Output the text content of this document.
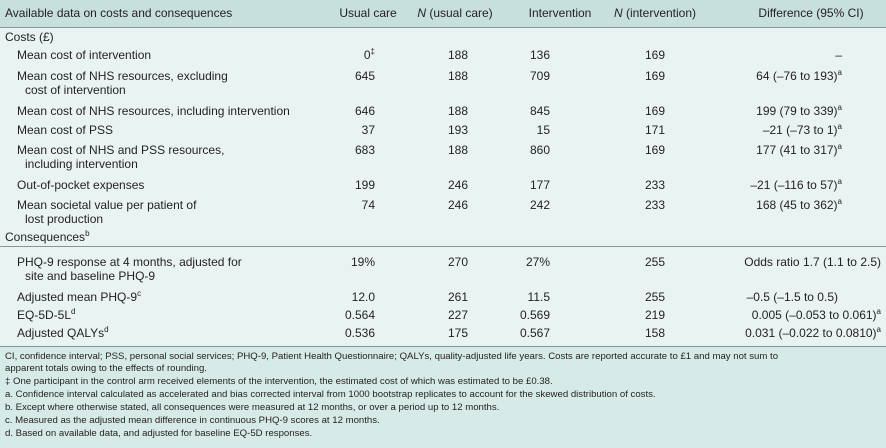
Available data on costs and consequences	Usual care	N (usual care)	Intervention	N (intervention)	Difference (95% CI)
Costs (£)
Mean cost of intervention	0‡	188	136	169	–
Mean cost of NHS resources, excluding
cost of intervention
645	188	709	169	64 (–76 to 193)$^a$
Mean cost of NHS resources, including intervention	646	188	845	169	199 (79 to 339)$^a$
Mean cost of PSS	37	193	15	171	–21 (–73 to 1)$^a$
Mean cost of NHS and PSS resources,
including intervention
683	188	860	169	177 (41 to 317)$^a$
Out-of-pocket expenses	199	246	177	233	–21 (–116 to 57)$^a$
Mean societal value per patient of
lost production
74	246	242	233	168 (45 to 362)$^a$
Consequences$^b$
PHQ-9 response at 4 months, adjusted for
site and baseline PHQ-9
19%	270	27%	255	Odds ratio 1.7 (1.1 to 2.5)
Adjusted mean PHQ-9$^c$	12.0	261	11.5	255	–0.5 (–1.5 to 0.5)
$EQ-5D-5L^d$	0.564	227	0.569	219	0.005 (–0.053 to 0.061)$^a$
Adjusted QALYs$^d$	0.536	175	0.567	158	0.031 (–0.022 to 0.0810)$^a$
CI, confidence interval; PSS, personal social services; PHQ-9, Patient Health Questionnaire; QALYs, quality-adjusted life years. Costs are reported accurate to £1 and may not sum to
apparent totals owing to the effects of rounding.
‡ One participant in the control arm received elements of the intervention, the estimated cost of which was estimated to be £0.38.
a. Confidence interval calculated as accelerated and bias corrected interval from 1000 bootstrap replicates to account for the skewed distribution of costs.
b. Except where otherwise stated, all consequences were measured at 12 months, or over a period up to 12 months.
c. Measured as the adjusted mean difference in continuous PHQ-9 scores at 12 months.
d. Based on available data, and adjusted for baseline EQ-5D responses.
